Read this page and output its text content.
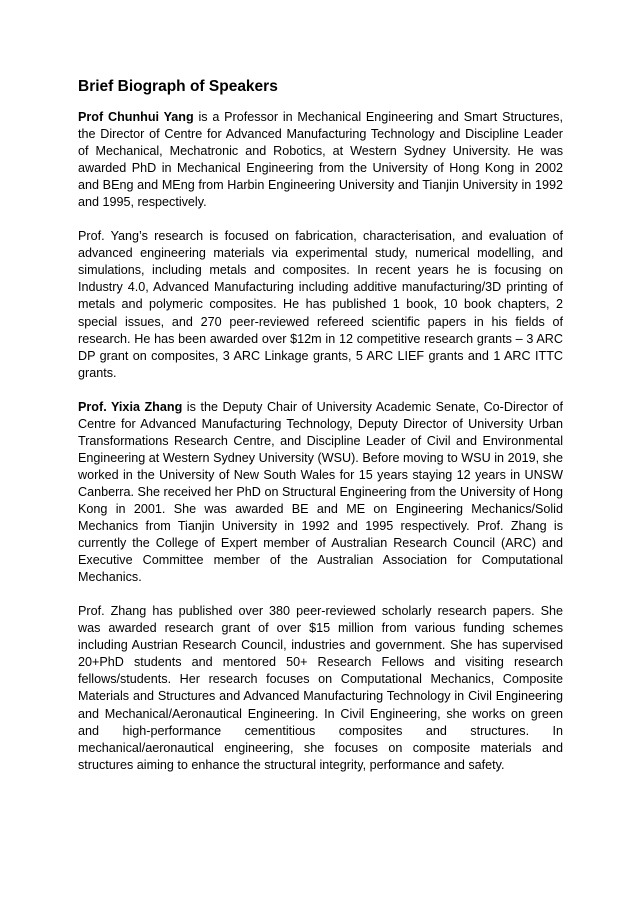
Brief Biograph of Speakers

Prof Chunhui Yang is a Professor in Mechanical Engineering and Smart Structures, the Director of Centre for Advanced Manufacturing Technology and Discipline Leader of Mechanical, Mechatronic and Robotics, at Western Sydney University. He was awarded PhD in Mechanical Engineering from the University of Hong Kong in 2002 and BEng and MEng from Harbin Engineering University and Tianjin University in 1992 and 1995, respectively.

Prof. Yang’s research is focused on fabrication, characterisation, and evaluation of advanced engineering materials via experimental study, numerical modelling, and simulations, including metals and composites. In recent years he is focusing on Industry 4.0, Advanced Manufacturing including additive manufacturing/3D printing of metals and polymeric composites. He has published 1 book, 10 book chapters, 2 special issues, and 270 peer-reviewed refereed scientific papers in his fields of research. He has been awarded over $12m in 12 competitive research grants – 3 ARC DP grant on composites, 3 ARC Linkage grants, 5 ARC LIEF grants and 1 ARC ITTC grants.

Prof. Yixia Zhang is the Deputy Chair of University Academic Senate, Co-Director of Centre for Advanced Manufacturing Technology, Deputy Director of University Urban Transformations Research Centre, and Discipline Leader of Civil and Environmental Engineering at Western Sydney University (WSU). Before moving to WSU in 2019, she worked in the University of New South Wales for 15 years staying 12 years in UNSW Canberra. She received her PhD on Structural Engineering from the University of Hong Kong in 2001. She was awarded BE and ME on Engineering Mechanics/Solid Mechanics from Tianjin University in 1992 and 1995 respectively. Prof. Zhang is currently the College of Expert member of Australian Research Council (ARC) and Executive Committee member of the Australian Association for Computational Mechanics.

Prof. Zhang has published over 380 peer-reviewed scholarly research papers. She was awarded research grant of over $15 million from various funding schemes including Austrian Research Council, industries and government. She has supervised 20+PhD students and mentored 50+ Research Fellows and visiting research fellows/students. Her research focuses on Computational Mechanics, Composite Materials and Structures and Advanced Manufacturing Technology in Civil Engineering and Mechanical/Aeronautical Engineering. In Civil Engineering, she works on green and high-performance cementitious composites and structures. In mechanical/aeronautical engineering, she focuses on composite materials and structures aiming to enhance the structural integrity, performance and safety.
